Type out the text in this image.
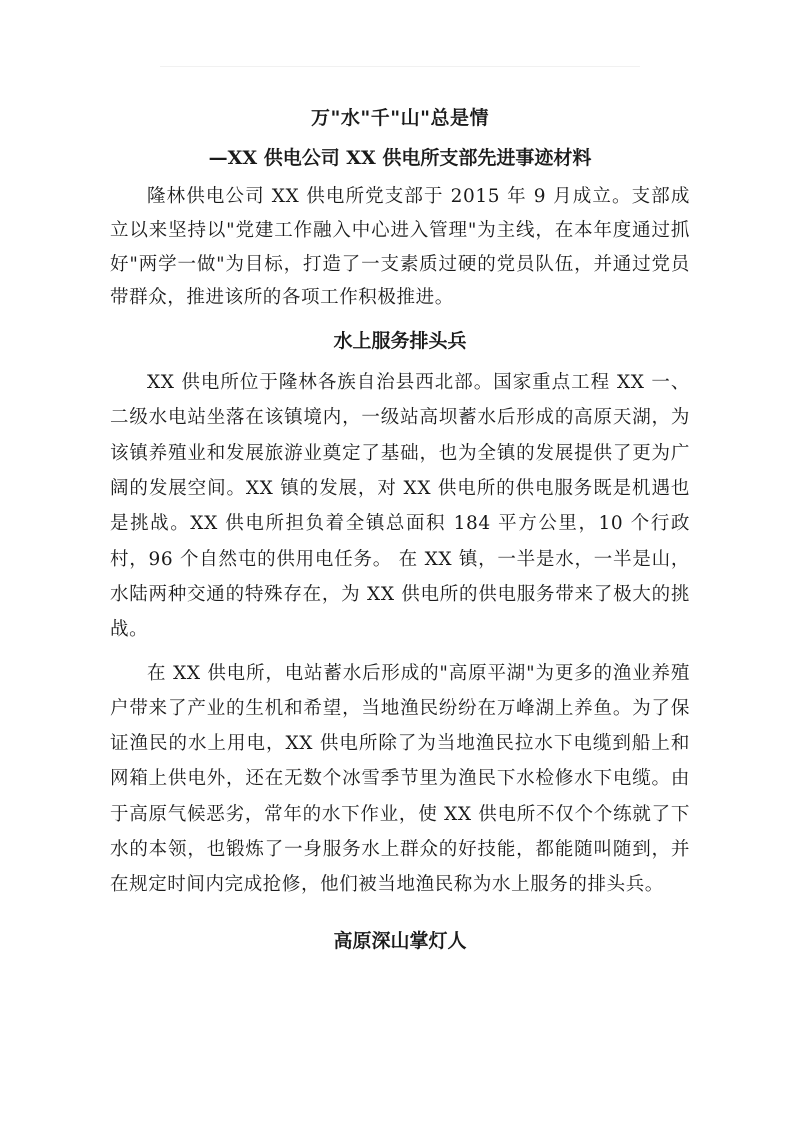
万"水"千"山"总是情
—XX 供电公司 XX 供电所支部先进事迹材料

隆林供电公司 XX 供电所党支部于 2015 年 9 月成立。支部成立以来坚持以"党建工作融入中心进入管理"为主线，在本年度通过抓好"两学一做"为目标，打造了一支素质过硬的党员队伍，并通过党员带群众，推进该所的各项工作积极推进。

水上服务排头兵

XX 供电所位于隆林各族自治县西北部。国家重点工程 XX 一、二级水电站坐落在该镇境内，一级站高坝蓄水后形成的高原天湖，为该镇养殖业和发展旅游业奠定了基础，也为全镇的发展提供了更为广阔的发展空间。XX 镇的发展，对 XX 供电所的供电服务既是机遇也是挑战。XX 供电所担负着全镇总面积 184 平方公里，10 个行政村，96 个自然屯的供用电任务。 在 XX 镇，一半是水，一半是山，水陆两种交通的特殊存在，为 XX 供电所的供电服务带来了极大的挑战。

在 XX 供电所，电站蓄水后形成的"高原平湖"为更多的渔业养殖户带来了产业的生机和希望，当地渔民纷纷在万峰湖上养鱼。为了保证渔民的水上用电，XX 供电所除了为当地渔民拉水下电缆到船上和网箱上供电外，还在无数个冰雪季节里为渔民下水检修水下电缆。由于高原气候恶劣，常年的水下作业，使 XX 供电所不仅个个练就了下水的本领，也锻炼了一身服务水上群众的好技能，都能随叫随到，并在规定时间内完成抢修，他们被当地渔民称为水上服务的排头兵。

高原深山掌灯人
